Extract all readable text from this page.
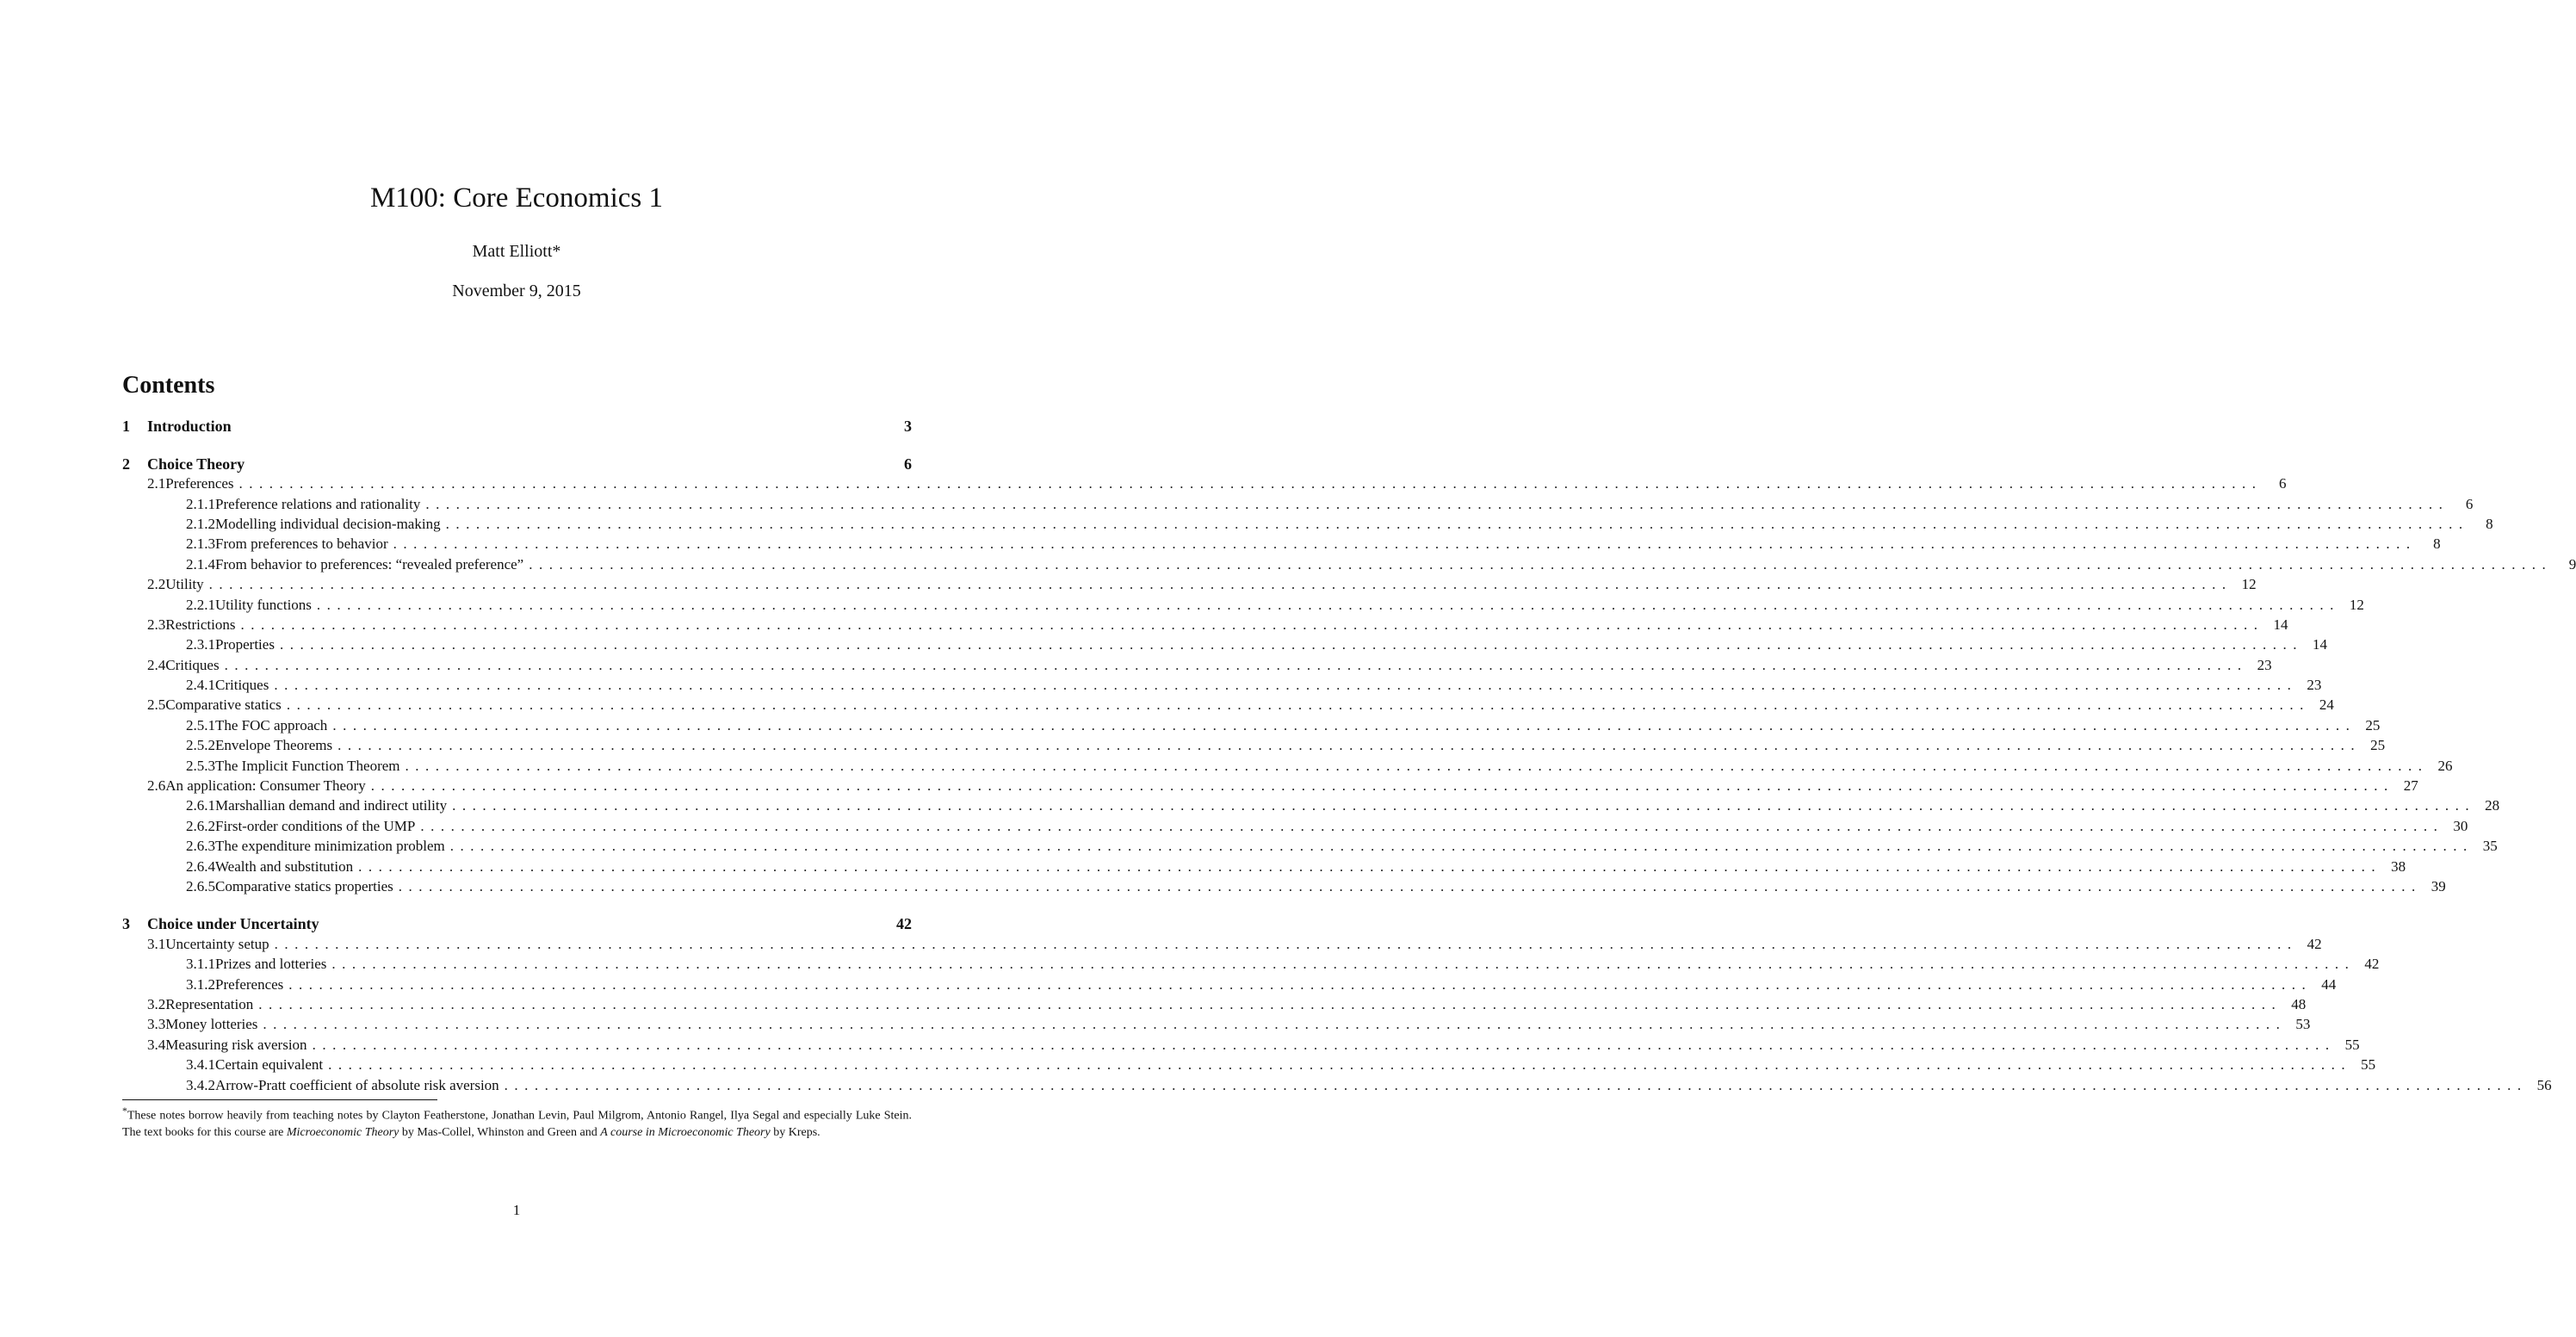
M100: Core Economics 1
Matt Elliott*
November 9, 2015
Contents
1	Introduction	3
2	Choice Theory	6
2.1 Preferences ........................................................................................................................................................................................................	6
2.1.1 Preference relations and rationality ........................................................................................................................................................................................................	6
2.1.2 Modelling individual decision-making ........................................................................................................................................................................................................	8
2.1.3 From preferences to behavior ........................................................................................................................................................................................................	8
2.1.4 From behavior to preferences: “revealed preference” ........................................................................................................................................................................................................	9
2.2 Utility ........................................................................................................................................................................................................ 12
2.2.1 Utility functions ........................................................................................................................................................................................................ 12
2.3 Restrictions ........................................................................................................................................................................................................ 14
2.3.1 Properties ........................................................................................................................................................................................................ 14
2.4 Critiques ........................................................................................................................................................................................................ 23
2.4.1 Critiques ........................................................................................................................................................................................................ 23
2.5 Comparative statics ........................................................................................................................................................................................................ 24
2.5.1 The FOC approach ........................................................................................................................................................................................................ 25
2.5.2 Envelope Theorems ........................................................................................................................................................................................................ 25
2.5.3 The Implicit Function Theorem ........................................................................................................................................................................................................ 26
2.6 An application: Consumer Theory ........................................................................................................................................................................................................ 27
2.6.1 Marshallian demand and indirect utility ........................................................................................................................................................................................................ 28
2.6.2 First-order conditions of the UMP ........................................................................................................................................................................................................ 30
2.6.3 The expenditure minimization problem ........................................................................................................................................................................................................ 35
2.6.4 Wealth and substitution ........................................................................................................................................................................................................ 38
2.6.5 Comparative statics properties ........................................................................................................................................................................................................ 39
3	Choice under Uncertainty	42
3.1 Uncertainty setup ........................................................................................................................................................................................................ 42
3.1.1 Prizes and lotteries ........................................................................................................................................................................................................ 42
3.1.2 Preferences ........................................................................................................................................................................................................ 44
3.2 Representation ........................................................................................................................................................................................................ 48
3.3 Money lotteries ........................................................................................................................................................................................................ 53
3.4 Measuring risk aversion ........................................................................................................................................................................................................ 55
3.4.1 Certain equivalent ........................................................................................................................................................................................................ 55
3.4.2 Arrow-Pratt coefficient of absolute risk aversion ........................................................................................................................................................................................................ 56
*These notes borrow heavily from teaching notes by Clayton Featherstone, Jonathan Levin, Paul Milgrom, Antonio Rangel, Ilya Segal and especially Luke Stein. The text books for this course are Microeconomic Theory by Mas-Collel, Whinston and Green and A course in Microeconomic Theory by Kreps.
1
